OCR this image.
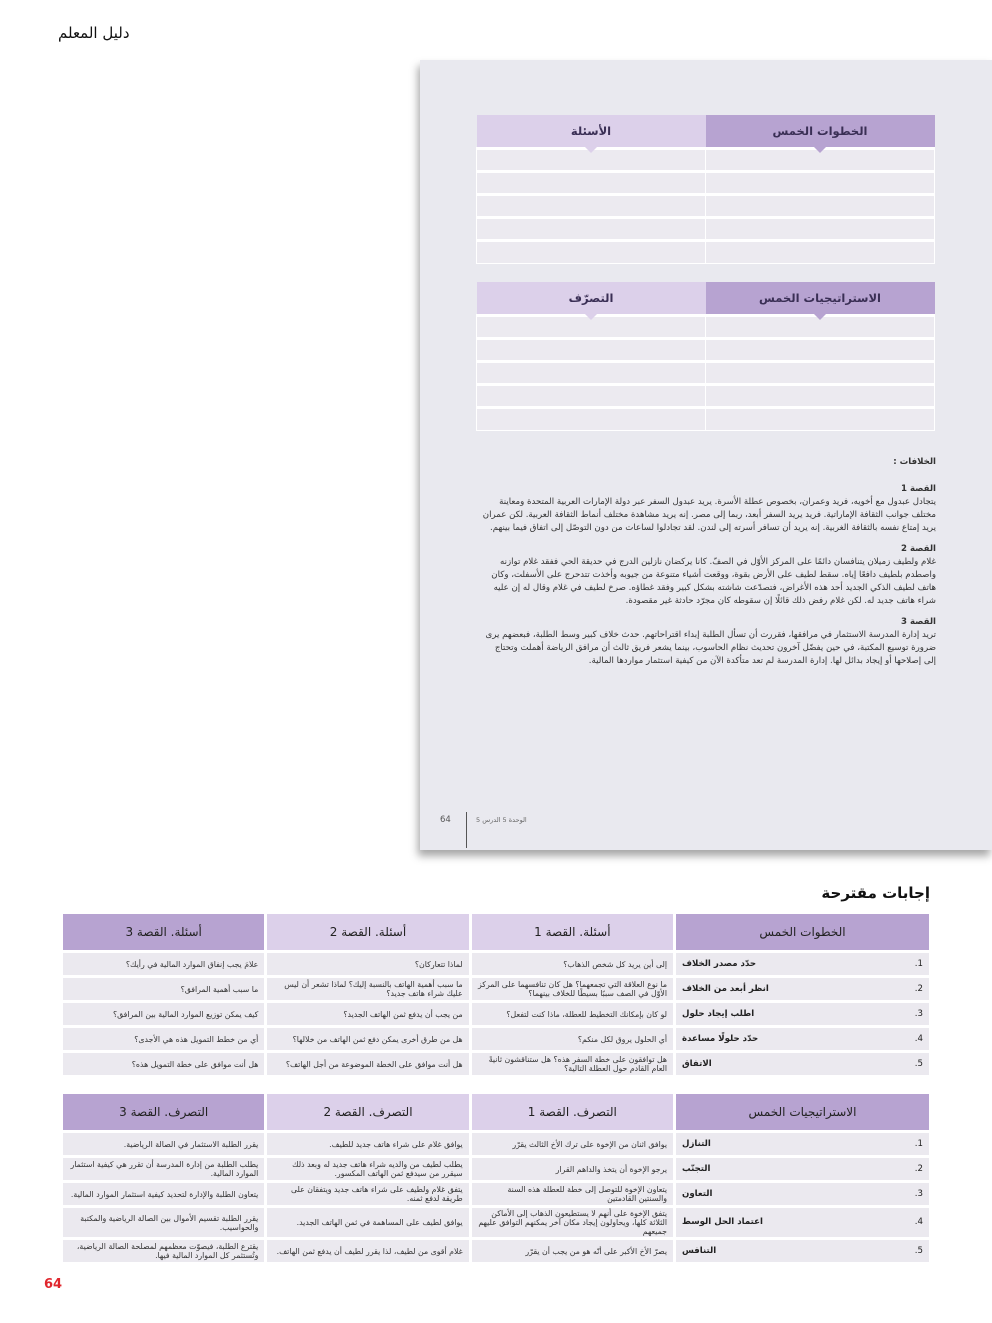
دليل المعلم
الخطوات الخمس	الأسئلة

الاستراتيجيات الخمس	التصرّف

الخلافات :
القصة 1

يتجادل عبدول مع أخويه، فريد وعمران، بخصوص عطلة الأسرة. يريد عبدول السفر عبر دولة الإمارات العربية المتحدة ومعاينة مختلف جوانب الثقافة الإماراتية. فريد يريد السفر أبعد، ربما إلى مصر. إنه يريد مشاهدة مختلف أنماط الثقافة العربية. لكن عمران يريد إمتاع نفسه بالثقافة الغربية. إنه يريد أن تسافر أسرته إلى لندن. لقد تجادلوا لساعات من دون التوصّل إلى اتفاق فيما بينهم.

القصة 2

غلام ولطيف زميلان يتنافسان دائمًا على المركز الأوّل في الصفّ. كانا يركضان نازلين الدرج في حديقة الحي ففقد غلام توازنه واصطدم بلطيف دافعًا إياه. سقط لطيف على الأرض بقوة، ووقعت أشياء متنوعة من جيوبه وأخذت تتدحرج على الأسفلت، وكان هاتف لطيف الذكي الجديد أحد هذه الأغراض، فتصدّعت شاشته بشكل كبير وفقد غطاؤه. صرخ لطيف في غلام وقال له إن عليه شراء هاتف جديد له. لكن غلام رفض ذلك قائلًا إن سقوطه كان مجرّد حادثة غير مقصودة.

القصة 3

تريد إدارة المدرسة الاستثمار في مرافقها، فقررت أن تسأل الطلبة إبداء اقتراحاتهم. حدث خلاف كبير وسط الطلبة، فبعضهم يرى ضرورة توسيع المكتبة، في حين يفضّل آخرون تحديث نظام الحاسوب، بينما يشعر فريق ثالث أن مرافق الرياضة أهملت وتحتاج إلى إصلاحها أو إيجاد بدائل لها. إدارة المدرسة لم تعد متأكدة الآن من كيفية استثمار مواردها المالية.

64	الوحدة 5 الدرس 5
إجابات مقترحة
الخطوات الخمس	أسئلة. القصة 1	أسئلة. القصة 2	أسئلة. القصة 3

1.
حدّد مصدر الخلاف	إلى أين يريد كل شخص الذهاب؟	لماذا تتعاركان؟	علامَ يجب إنفاق الموارد المالية في رأيك؟

2.
انظر أبعد من الخلاف	ما نوع العلاقة التي تجمعهما؟ هل كان تنافسهما على المركز الأوّل في الصف سببًا بسيطًا للخلاف بينهما؟	ما سبب أهمية الهاتف بالنسبة إليك؟ لماذا تشعر أن ليس عليك شراء هاتف جديد؟	ما سبب أهمية المرافق؟

3.
اطلب إيجاد حلول	لو كان بإمكانك التخطيط للعطلة، ماذا كنت لتفعل؟	من يجب أن يدفع ثمن الهاتف الجديد؟	كيف يمكن توزيع الموارد المالية بين المرافق؟

4.
حدّد حلولًا مساعدة	أي الحلول يروق لكل منكم؟	هل من طرق أخرى يمكن دفع ثمن الهاتف من خلالها؟	أي من خطط التمويل هذه هي الأجدى؟

5.
الاتفاق	هل توافقون على خطة السفر هذه؟ هل ستناقشون ثانيةً العام القادم حول العطلة التالية؟	هل أنت موافق على الخطة الموضوعة من أجل الهاتف؟	هل أنت موافق على خطة التمويل هذه؟
الاستراتيجيات الخمس	التصرف. القصة 1	التصرف. القصة 2	التصرف. القصة 3

1.
التنازل	يوافق اثنان من الإخوة على ترك الأخ الثالث يقرّر	يوافق غلام على شراء هاتف جديد للطيف.	يقرر الطلبة الاستثمار في الصالة الرياضية.

2.
التجنّب	يرجو الإخوة أن يتخذ والداهم القرار	يطلب لطيف من والديه شراء هاتف جديد له وبعد ذلك سيقرر من سيدفع ثمن الهاتف المكسور.	يطلب الطلبة من إدارة المدرسة أن تقرر هي كيفية استثمار الموارد المالية.

3.
التعاون	يتعاون الإخوة للتوصل إلى خطة للعطلة هذه السنة والسنتين القادمتين	يتفق غلام ولطيف على شراء هاتف جديد ويتفقان على طريقة لدفع ثمنه.	يتعاون الطلبة والإدارة لتحديد كيفية استثمار الموارد المالية.

4.
اعتماد الحل الوسط	يتفق الإخوة على أنهم لا يستطيعون الذهاب إلى الأماكن الثلاثة كلها، ويحاولون إيجاد مكان آخر يمكنهم التوافق عليهم جميعهم	يوافق لطيف على المساهمة في ثمن الهاتف الجديد.	يقرر الطلبة تقسيم الأموال بين الصالة الرياضية والمكتبة والحواسيب.

5.
التنافس	يصرّ الأخ الأكبر على أنّه هو من يجب أن يقرّر	غلام أقوى من لطيف، لذا يقرر لطيف أن يدفع ثمن الهاتف.	يقترع الطلبة، فيصوّت معظمهم لمصلحة الصالة الرياضية، وتُستثمر كل الموارد المالية فيها.
64
